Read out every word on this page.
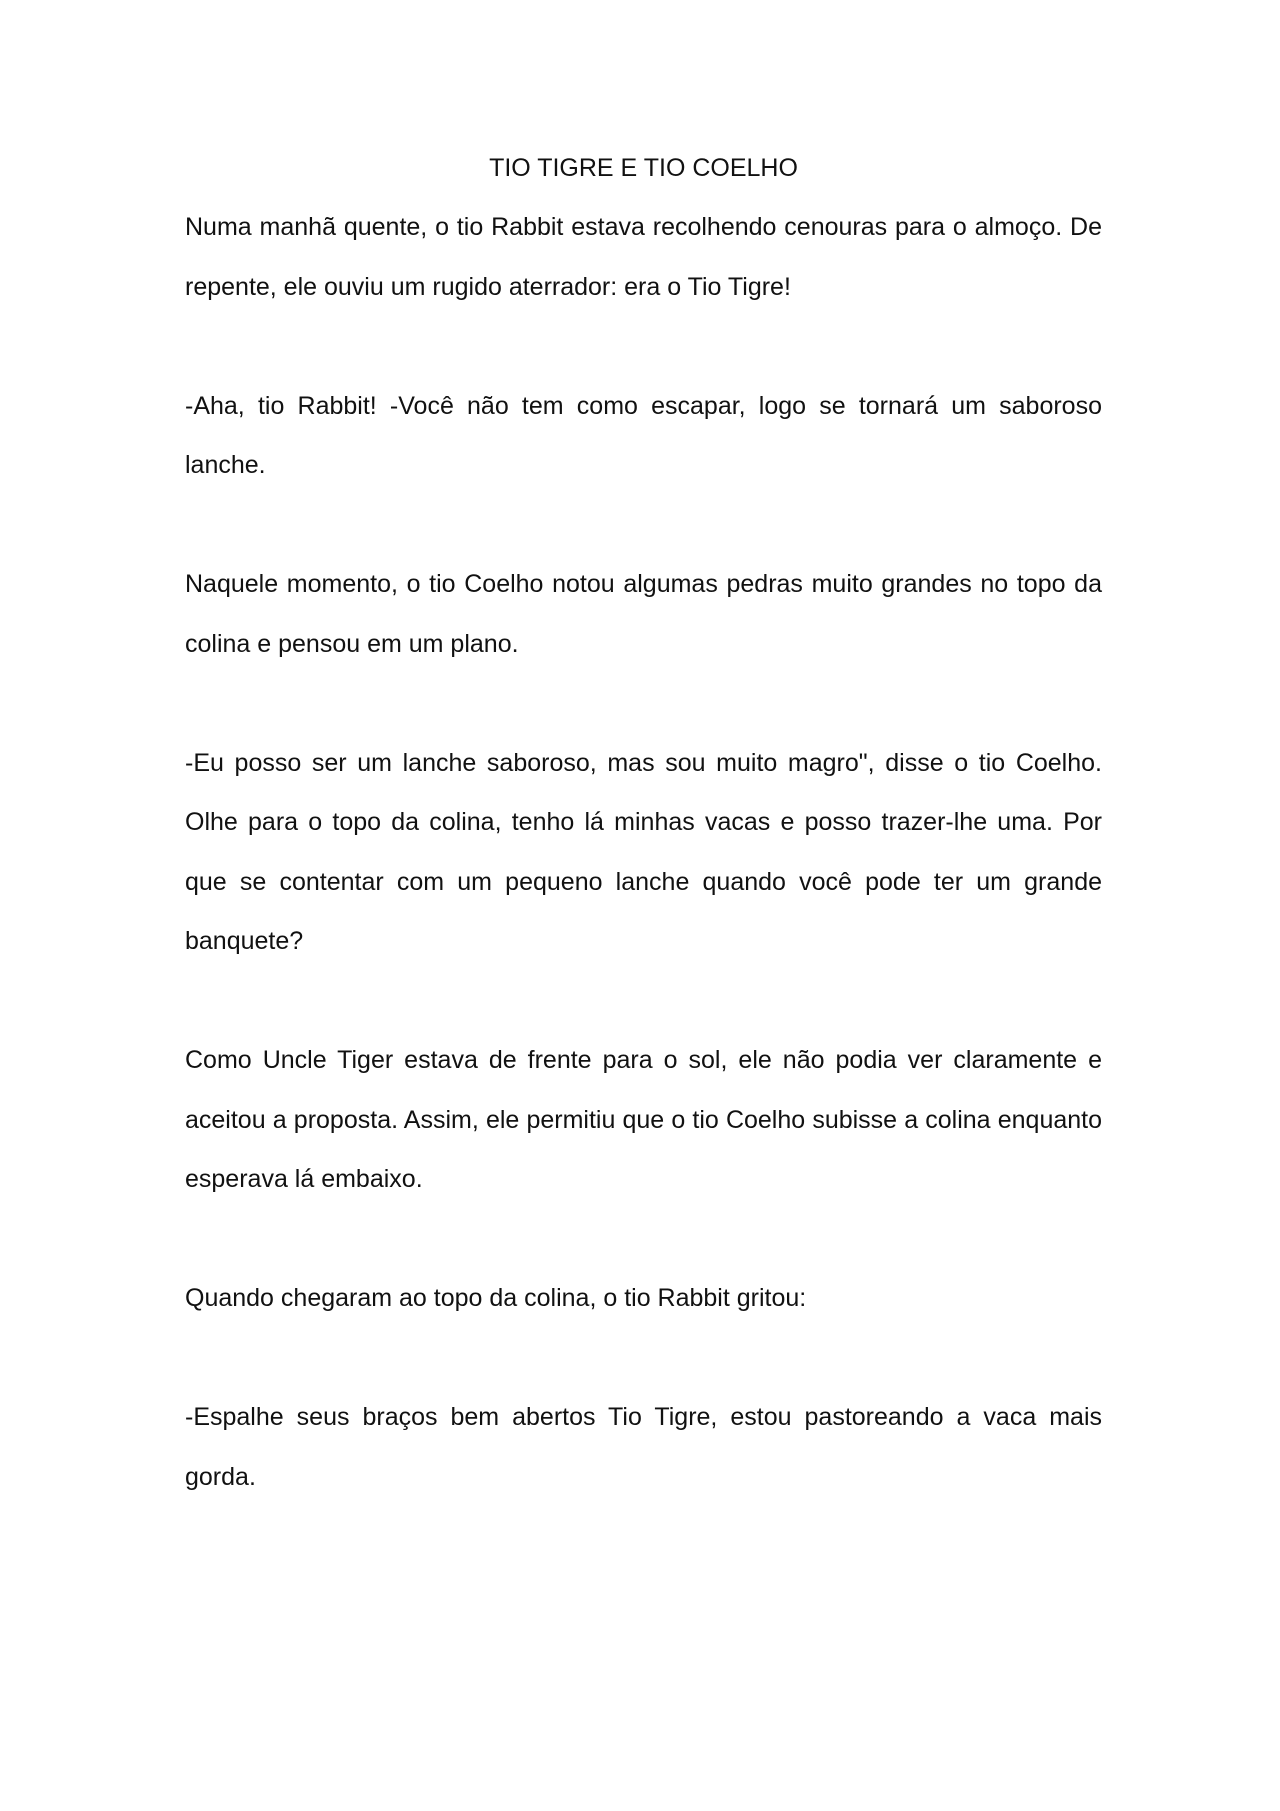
TIO TIGRE E TIO COELHO

Numa manhã quente, o tio Rabbit estava recolhendo cenouras para o almoço. De repente, ele ouviu um rugido aterrador: era o Tio Tigre!

-Aha, tio Rabbit! -Você não tem como escapar, logo se tornará um saboroso lanche.

Naquele momento, o tio Coelho notou algumas pedras muito grandes no topo da colina e pensou em um plano.

-Eu posso ser um lanche saboroso, mas sou muito magro", disse o tio Coelho. Olhe para o topo da colina, tenho lá minhas vacas e posso trazer-lhe uma. Por que se contentar com um pequeno lanche quando você pode ter um grande banquete?

Como Uncle Tiger estava de frente para o sol, ele não podia ver claramente e aceitou a proposta. Assim, ele permitiu que o tio Coelho subisse a colina enquanto esperava lá embaixo.

Quando chegaram ao topo da colina, o tio Rabbit gritou:

-Espalhe seus braços bem abertos Tio Tigre, estou pastoreando a vaca mais gorda.
